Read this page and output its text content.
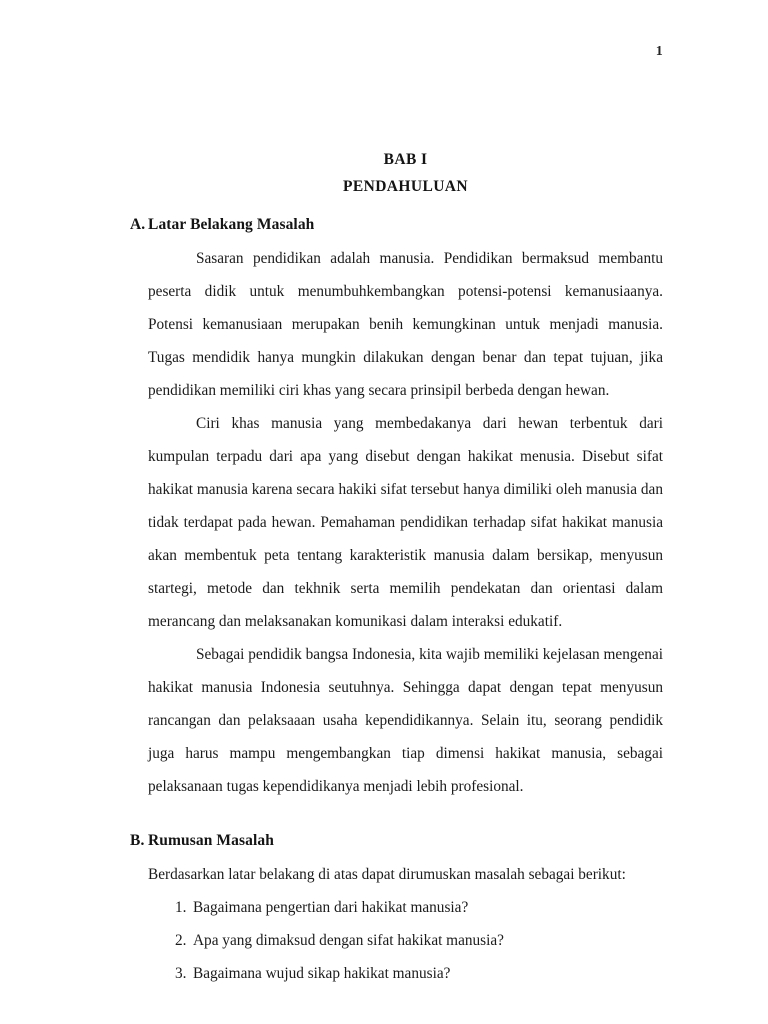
1
BAB I
PENDAHULUAN
A. Latar Belakang Masalah

Sasaran pendidikan adalah manusia. Pendidikan bermaksud membantu peserta didik untuk menumbuhkembangkan potensi-potensi kemanusiaanya. Potensi kemanusiaan merupakan benih kemungkinan untuk menjadi manusia. Tugas mendidik hanya mungkin dilakukan dengan benar dan tepat tujuan, jika pendidikan memiliki ciri khas yang secara prinsipil berbeda dengan hewan.

Ciri khas manusia yang membedakanya dari hewan terbentuk dari kumpulan terpadu dari apa yang disebut dengan hakikat menusia. Disebut sifat hakikat manusia karena secara hakiki sifat tersebut hanya dimiliki oleh manusia dan tidak terdapat pada hewan. Pemahaman pendidikan terhadap sifat hakikat manusia akan membentuk peta tentang karakteristik manusia dalam bersikap, menyusun startegi, metode dan tekhnik serta memilih pendekatan dan orientasi dalam merancang dan melaksanakan komunikasi dalam interaksi edukatif.

Sebagai pendidik bangsa Indonesia, kita wajib memiliki kejelasan mengenai hakikat manusia Indonesia seutuhnya. Sehingga dapat dengan tepat menyusun rancangan dan pelaksaaan usaha kependidikannya. Selain itu, seorang pendidik juga harus mampu mengembangkan tiap dimensi hakikat manusia, sebagai pelaksanaan tugas kependidikanya menjadi lebih profesional.

B. Rumusan Masalah

Berdasarkan latar belakang di atas dapat dirumuskan masalah sebagai berikut:

1. Bagaimana pengertian dari hakikat manusia?
2. Apa yang dimaksud dengan sifat hakikat manusia?
3. Bagaimana wujud sikap hakikat manusia?
